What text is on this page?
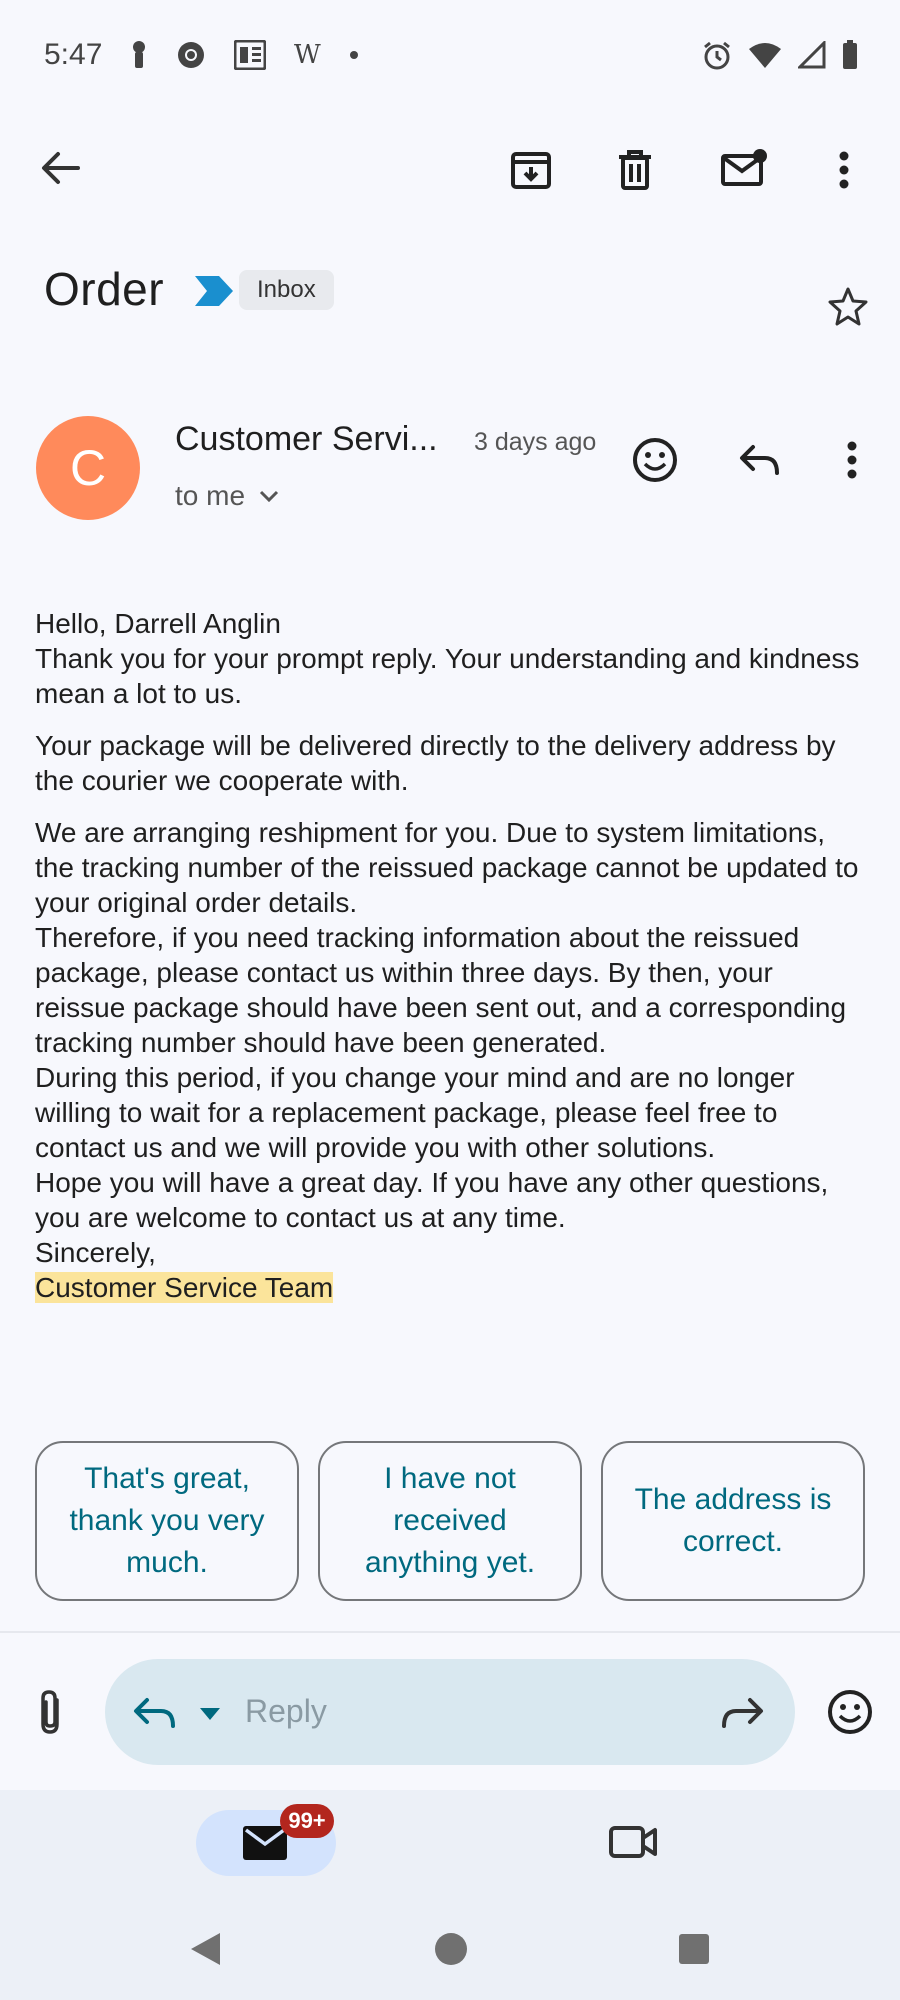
5:47	W
Order	Inbox
C
Customer Servi... 3 days ago
to me

Hello, Darrell Anglin
Thank you for your prompt reply. Your understanding and kindness mean a lot to us.

Your package will be delivered directly to the delivery address by the courier we cooperate with.

We are arranging reshipment for you. Due to system limitations, the tracking number of the reissued package cannot be updated to your original order details.
Therefore, if you need tracking information about the reissued package, please contact us within three days. By then, your reissue package should have been sent out, and a corresponding tracking number should have been generated.
During this period, if you change your mind and are no longer willing to wait for a replacement package, please feel free to contact us and we will provide you with other solutions.
Hope you will have a great day. If you have any other questions, you are welcome to contact us at any time.
Sincerely,
Customer Service Team
That's great, thank you very much.
I have not received anything yet.
The address is correct.
Reply
99+
